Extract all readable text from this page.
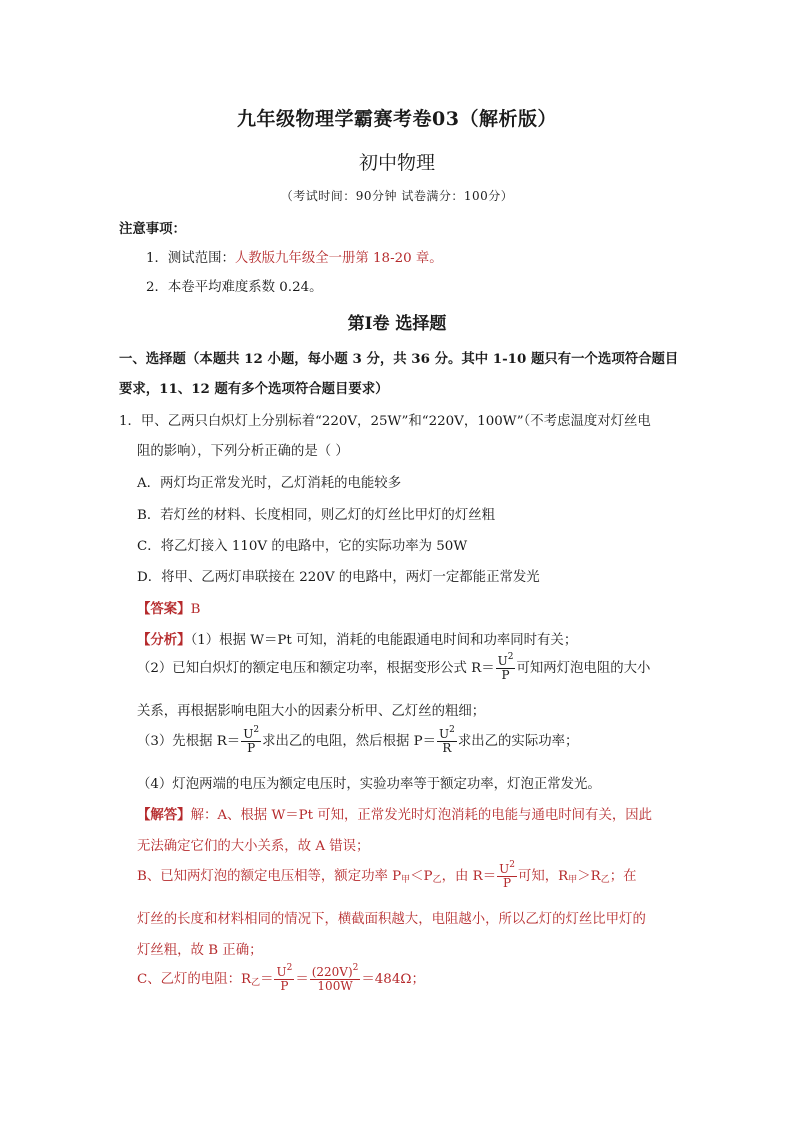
九年级物理学霸赛考卷03（解析版）
初中物理
（考试时间：90分钟 试卷满分：100分）
注意事项：
1．测试范围：人教版九年级全一册第 18-20 章。
2．本卷平均难度系数 0.24。
第Ⅰ卷 选择题
一、选择题（本题共 12 小题，每小题 3 分，共 36 分。其中 1-10 题只有一个选项符合题目
要求，11、12 题有多个选项符合题目要求）
1．甲、乙两只白炽灯上分别标着“220V，25W”和“220V，100W”（不考虑温度对灯丝电
阻的影响），下列分析正确的是（ ）
A．两灯均正常发光时，乙灯消耗的电能较多
B．若灯丝的材料、长度相同，则乙灯的灯丝比甲灯的灯丝粗
C．将乙灯接入 110V 的电路中，它的实际功率为 50W
D．将甲、乙两灯串联接在 220V 的电路中，两灯一定都能正常发光
【答案】B
【分析】（1）根据 W＝Pt 可知，消耗的电能跟通电时间和功率同时有关；
（2）已知白炽灯的额定电压和额定功率，根据变形公式 $R= \frac{U^2}{P}$ 可知两灯泡电阻的大小
关系，再根据影响电阻大小的因素分析甲、乙灯丝的粗细；
（3）先根据 $R= \frac{U^2}{P}$ 求出乙的电阻，然后根据 $P= \frac{U^2}{R}$ 求出乙的实际功率；
（4）灯泡两端的电压为额定电压时，实验功率等于额定功率，灯泡正常发光。
【解答】解：A、根据 W＝Pt 可知，正常发光时灯泡消耗的电能与通电时间有关，因此
无法确定它们的大小关系，故 A 错误；
B、已知两灯泡的额定电压相等，额定功率 $P_甲<P_乙$，由 $R= \frac{U^2}{P}$ 可知，$R_甲>R_乙$；在
灯丝的长度和材料相同的情况下，横截面积越大，电阻越小，所以乙灯的灯丝比甲灯的
灯丝粗，故 B 正确；
C、乙灯的电阻：$R_乙= \frac{U^2}{P} = \frac{(220V)^2}{100W} =484\Omega$；
